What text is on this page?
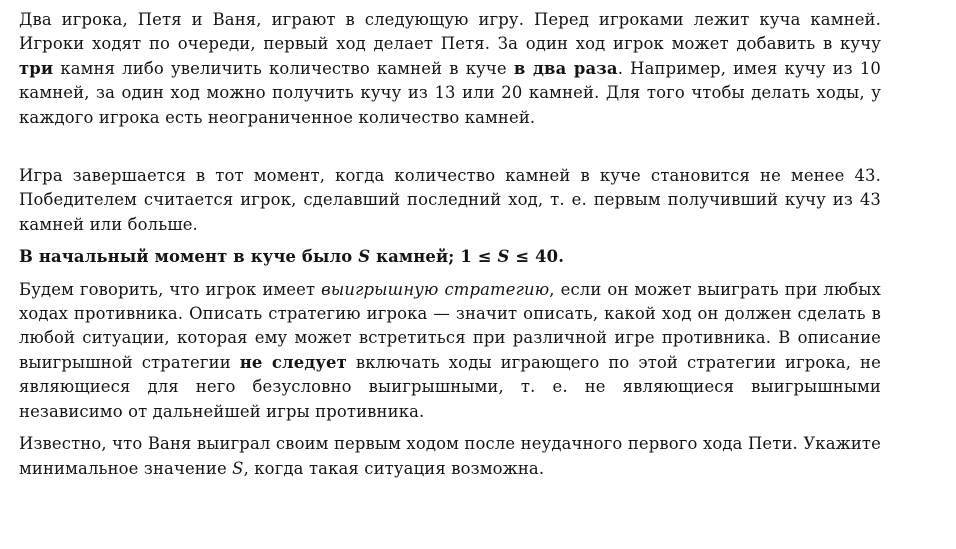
Два игрока, Петя и Ваня, играют в следующую игру. Перед игроками лежит куча камней. Игроки ходят по очереди, первый ход делает Петя. За один ход игрок может добавить в кучу три камня либо увеличить количество камней в куче в два раза. Например, имея кучу из 10 камней, за один ход можно получить кучу из 13 или 20 камней. Для того чтобы делать ходы, у каждого игрока есть неограниченное количество камней.

Игра завершается в тот момент, когда количество камней в куче становится не менее 43. Победителем считается игрок, сделавший последний ход, т. е. первым получивший кучу из 43 камней или больше.

В начальный момент в куче было S камней; 1 ≤ S ≤ 40.

Будем говорить, что игрок имеет выигрышную стратегию, если он может выиграть при любых ходах противника. Описать стратегию игрока — значит описать, какой ход он должен сделать в любой ситуации, которая ему может встретиться при различной игре противника. В описание выигрышной стратегии не следует включать ходы играющего по этой стратегии игрока, не являющиеся для него безусловно выигрышными, т. е. не являющиеся выигрышными независимо от дальнейшей игры противника.

Известно, что Ваня выиграл своим первым ходом после неудачного первого хода Пети. Укажите минимальное значение S, когда такая ситуация возможна.
